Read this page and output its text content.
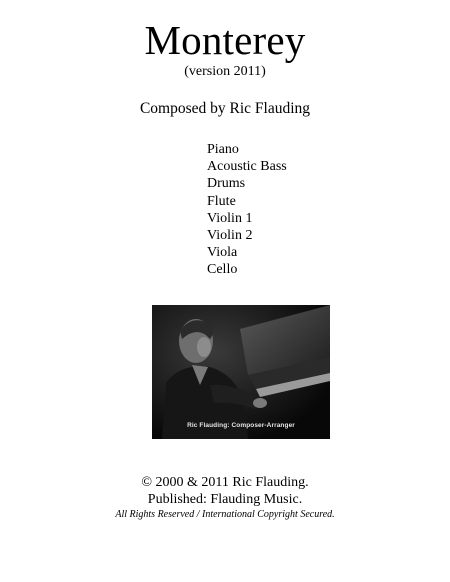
Monterey
(version 2011)
Composed by Ric Flauding
Piano
Acoustic Bass
Drums
Flute
Violin 1
Violin 2
Viola
Cello
Ric Flauding: Composer-Arranger
© 2000 & 2011 Ric Flauding.
Published: Flauding Music.
All Rights Reserved / International Copyright Secured.
